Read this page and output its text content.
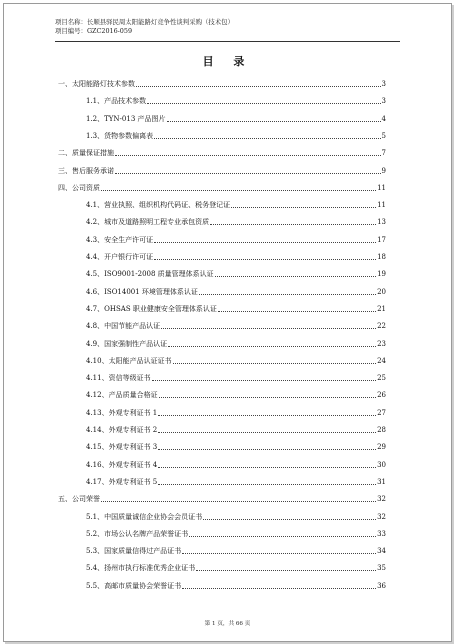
项目名称：长顺县驿民周太阳能路灯竞争性谈判采购（技术包）
项目编号：GZC2016-059
目 录
一、太阳能路灯技术参数	3
1.1、产品技术参数	3
1.2、TYN-013 产品图片	4
1.3、货物参数偏离表	5
二、质量保证措施	7
三、售后服务承诺	9
四、公司资质	11
4.1、营业执照、组织机构代码证、税务登记证	11
4.2、城市及道路照明工程专业承包资质	13
4.3、安全生产许可证	17
4.4、开户银行许可证	18
4.5、ISO9001-2008 质量管理体系认证	19
4.6、ISO14001 环境管理体系认证	20
4.7、OHSAS 职业健康安全管理体系认证	21
4.8、中国节能产品认证	22
4.9、国家强制性产品认证	23
4.10、太阳能产品认证证书	24
4.11、资信等级证书	25
4.12、产品质量合格证	26
4.13、外观专利证书 1	27
4.14、外观专利证书 2	28
4.15、外观专利证书 3	29
4.16、外观专利证书 4	30
4.17、外观专利证书 5	31
五、公司荣誉	32
5.1、中国质量诚信企业协会会员证书	32
5.2、市场公认名牌产品荣誉证书	33
5.3、国家质量信得过产品证书	34
5.4、扬州市执行标准优秀企业证书	35
5.5、高邮市质量协会荣誉证书	36
第 1 页，共 66 页
